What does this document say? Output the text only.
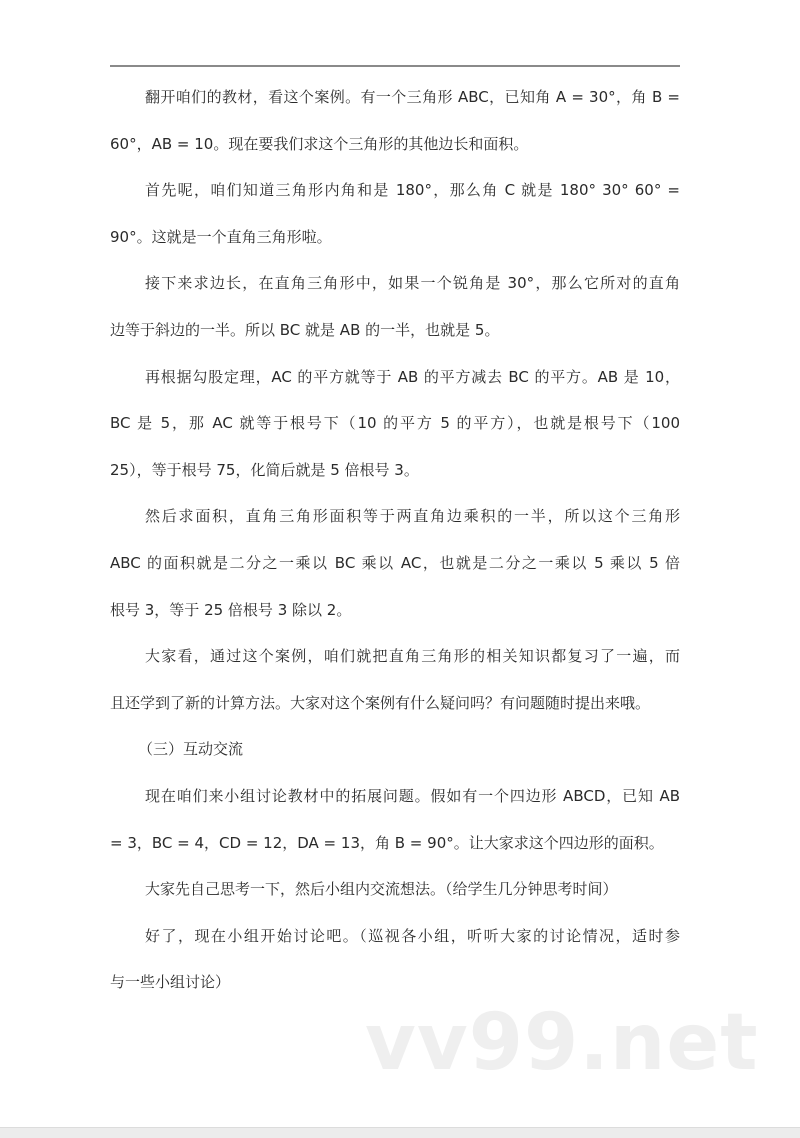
翻开咱们的教材，看这个案例。有一个三角形 ABC，已知角 A = 30°，角 B =
60°，AB = 10。现在要我们求这个三角形的其他边长和面积。
首先呢，咱们知道三角形内角和是 180°，那么角 C 就是 180° 30° 60° =
90°。这就是一个直角三角形啦。
接下来求边长，在直角三角形中，如果一个锐角是 30°，那么它所对的直角
边等于斜边的一半。所以 BC 就是 AB 的一半，也就是 5。
再根据勾股定理，AC 的平方就等于 AB 的平方减去 BC 的平方。AB 是 10，
BC 是 5，那 AC 就等于根号下（10 的平方 5 的平方），也就是根号下（100
25），等于根号 75，化简后就是 5 倍根号 3。
然后求面积，直角三角形面积等于两直角边乘积的一半，所以这个三角形
ABC 的面积就是二分之一乘以 BC 乘以 AC，也就是二分之一乘以 5 乘以 5 倍
根号 3，等于 25 倍根号 3 除以 2。
大家看，通过这个案例，咱们就把直角三角形的相关知识都复习了一遍，而
且还学到了新的计算方法。大家对这个案例有什么疑问吗？有问题随时提出来哦。
（三）互动交流
现在咱们来小组讨论教材中的拓展问题。假如有一个四边形 ABCD，已知 AB
= 3，BC = 4，CD = 12，DA = 13，角 B = 90°。让大家求这个四边形的面积。
大家先自己思考一下，然后小组内交流想法。（给学生几分钟思考时间）
好了，现在小组开始讨论吧。（巡视各小组，听听大家的讨论情况，适时参
与一些小组讨论）
vv99.net
